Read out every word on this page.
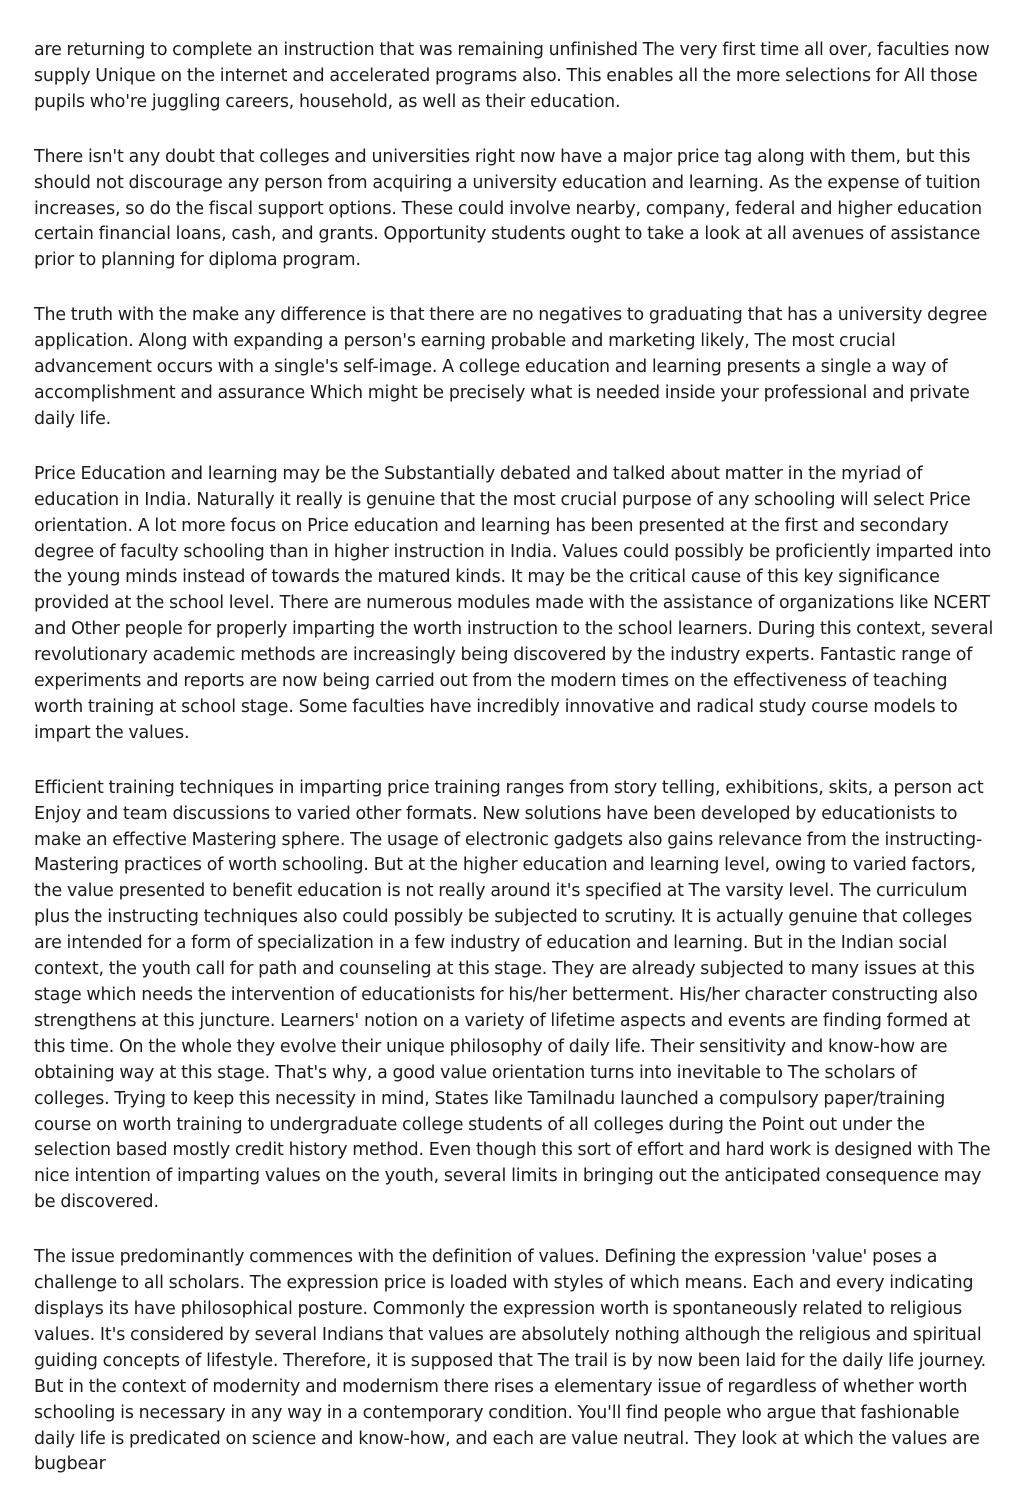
are returning to complete an instruction that was remaining unfinished The very first time all over, faculties now supply Unique on the internet and accelerated programs also. This enables all the more selections for All those pupils who're juggling careers, household, as well as their education.

There isn't any doubt that colleges and universities right now have a major price tag along with them, but this should not discourage any person from acquiring a university education and learning. As the expense of tuition increases, so do the fiscal support options. These could involve nearby, company, federal and higher education certain financial loans, cash, and grants. Opportunity students ought to take a look at all avenues of assistance prior to planning for diploma program.

The truth with the make any difference is that there are no negatives to graduating that has a university degree application. Along with expanding a person's earning probable and marketing likely, The most crucial advancement occurs with a single's self-image. A college education and learning presents a single a way of accomplishment and assurance Which might be precisely what is needed inside your professional and private daily life.

Price Education and learning may be the Substantially debated and talked about matter in the myriad of education in India. Naturally it really is genuine that the most crucial purpose of any schooling will select Price orientation. A lot more focus on Price education and learning has been presented at the first and secondary degree of faculty schooling than in higher instruction in India. Values could possibly be proficiently imparted into the young minds instead of towards the matured kinds. It may be the critical cause of this key significance provided at the school level. There are numerous modules made with the assistance of organizations like NCERT and Other people for properly imparting the worth instruction to the school learners. During this context, several revolutionary academic methods are increasingly being discovered by the industry experts. Fantastic range of experiments and reports are now being carried out from the modern times on the effectiveness of teaching worth training at school stage. Some faculties have incredibly innovative and radical study course models to impart the values.

Efficient training techniques in imparting price training ranges from story telling, exhibitions, skits, a person act Enjoy and team discussions to varied other formats. New solutions have been developed by educationists to make an effective Mastering sphere. The usage of electronic gadgets also gains relevance from the instructing-Mastering practices of worth schooling. But at the higher education and learning level, owing to varied factors, the value presented to benefit education is not really around it's specified at The varsity level. The curriculum plus the instructing techniques also could possibly be subjected to scrutiny. It is actually genuine that colleges are intended for a form of specialization in a few industry of education and learning. But in the Indian social context, the youth call for path and counseling at this stage. They are already subjected to many issues at this stage which needs the intervention of educationists for his/her betterment. His/her character constructing also strengthens at this juncture. Learners' notion on a variety of lifetime aspects and events are finding formed at this time. On the whole they evolve their unique philosophy of daily life. Their sensitivity and know-how are obtaining way at this stage. That's why, a good value orientation turns into inevitable to The scholars of colleges. Trying to keep this necessity in mind, States like Tamilnadu launched a compulsory paper/training course on worth training to undergraduate college students of all colleges during the Point out under the selection based mostly credit history method. Even though this sort of effort and hard work is designed with The nice intention of imparting values on the youth, several limits in bringing out the anticipated consequence may be discovered.

The issue predominantly commences with the definition of values. Defining the expression 'value' poses a challenge to all scholars. The expression price is loaded with styles of which means. Each and every indicating displays its have philosophical posture. Commonly the expression worth is spontaneously related to religious values. It's considered by several Indians that values are absolutely nothing although the religious and spiritual guiding concepts of lifestyle. Therefore, it is supposed that The trail is by now been laid for the daily life journey. But in the context of modernity and modernism there rises a elementary issue of regardless of whether worth schooling is necessary in any way in a contemporary condition. You'll find people who argue that fashionable daily life is predicated on science and know-how, and each are value neutral. They look at which the values are bugbear
